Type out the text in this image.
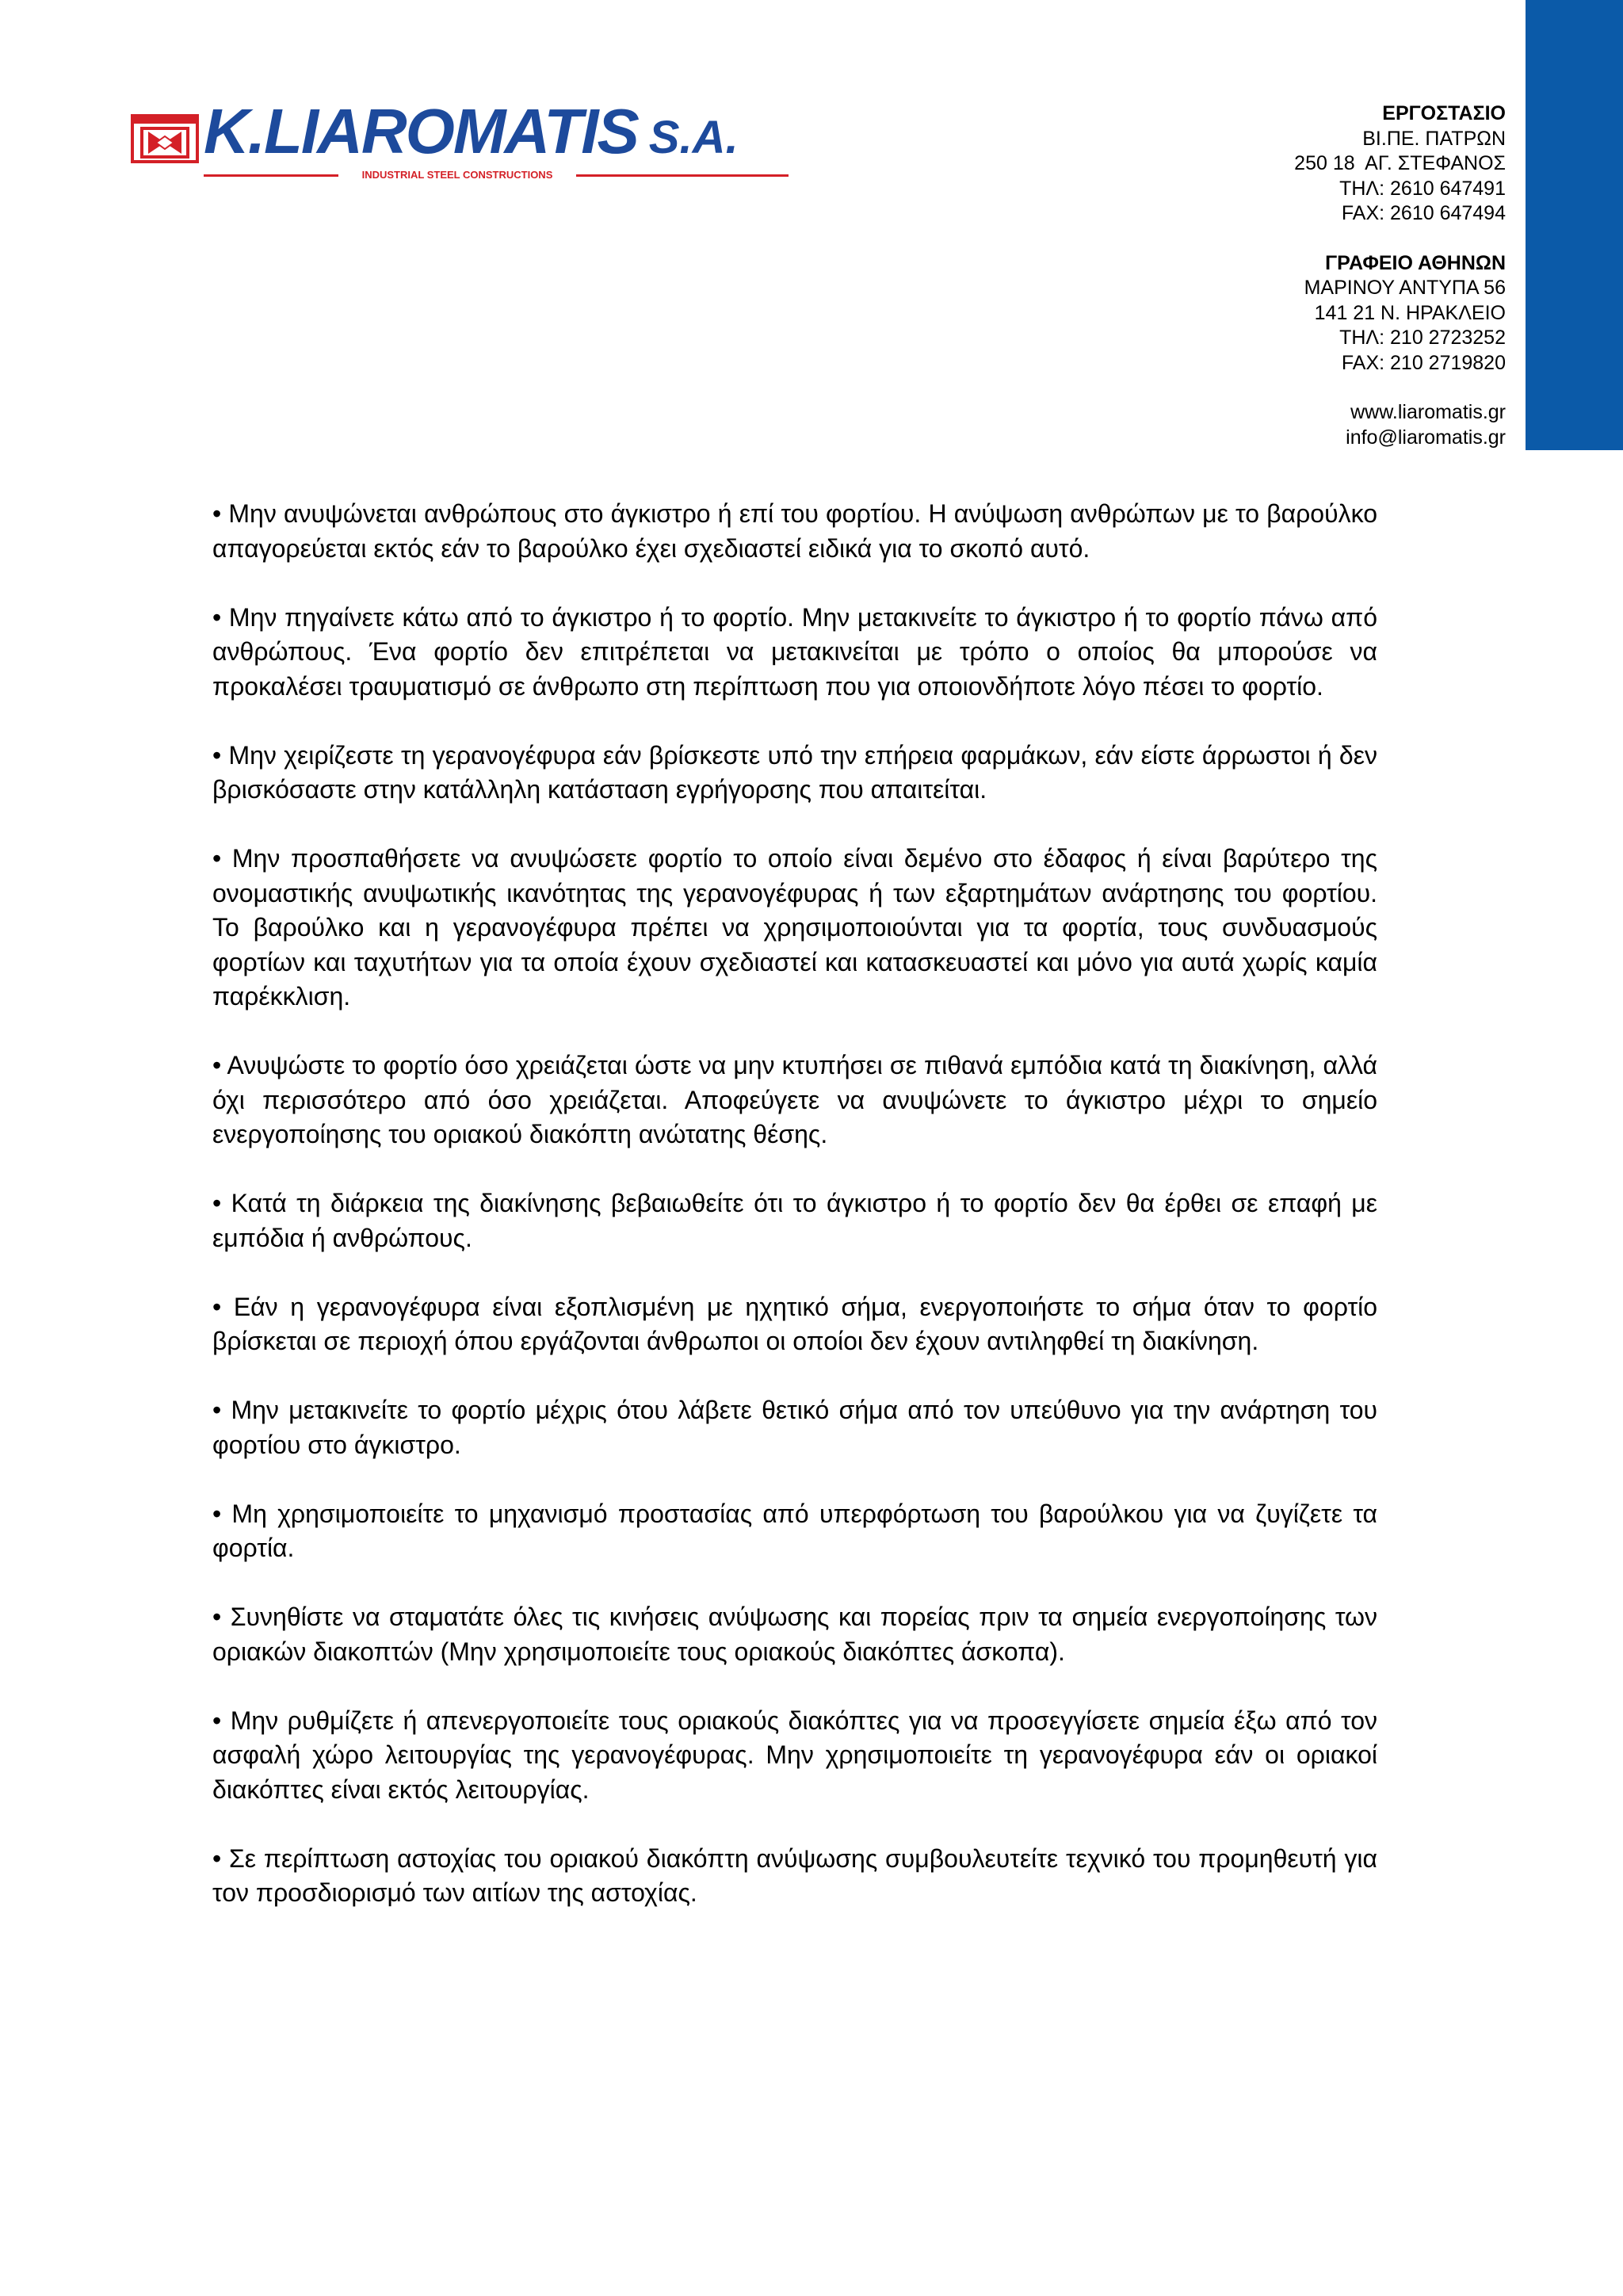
K.LIAROMATIS S.A.
INDUSTRIAL STEEL CONSTRUCTIONS
ΕΡΓΟΣΤΑΣΙΟ
ΒΙ.ΠΕ. ΠΑΤΡΩΝ
250 18  ΑΓ. ΣΤΕΦΑΝΟΣ
ΤΗΛ: 2610 647491
FAX: 2610 647494
ΓΡΑΦΕΙΟ ΑΘΗΝΩΝ
ΜΑΡΙΝΟΥ ΑΝΤΥΠΑ 56
141 21 Ν. ΗΡΑΚΛΕΙΟ
ΤΗΛ: 210 2723252
FAX: 210 2719820
www.liaromatis.gr
info@liaromatis.gr

• Μην ανυψώνεται ανθρώπους στο άγκιστρο ή επί του φορτίου. Η ανύψωση ανθρώπων με το βαρούλκο απαγορεύεται εκτός εάν το βαρούλκο έχει σχεδιαστεί ειδικά για το σκοπό αυτό.

• Μην πηγαίνετε κάτω από το άγκιστρο ή το φορτίο. Μην μετακινείτε το άγκιστρο ή το φορτίο πάνω από ανθρώπους. Ένα φορτίο δεν επιτρέπεται να μετακινείται με τρόπο ο οποίος θα μπορούσε να προκαλέσει τραυματισμό σε άνθρωπο στη περίπτωση που για οποιονδήποτε λόγο πέσει το φορτίο.

• Μην χειρίζεστε τη γερανογέφυρα εάν βρίσκεστε υπό την επήρεια φαρμάκων, εάν είστε άρρωστοι ή δεν βρισκόσαστε στην κατάλληλη κατάσταση εγρήγορσης που απαιτείται.

• Μην προσπαθήσετε να ανυψώσετε φορτίο το οποίο είναι δεμένο στο έδαφος ή είναι βαρύτερο της ονομαστικής ανυψωτικής ικανότητας της γερανογέφυρας ή των εξαρτημάτων ανάρτησης του φορτίου. Το βαρούλκο και η γερανογέφυρα πρέπει να χρησιμοποιούνται για τα φορτία, τους συνδυασμούς φορτίων και ταχυτήτων για τα οποία έχουν σχεδιαστεί και κατασκευαστεί και μόνο για αυτά χωρίς καμία παρέκκλιση.

• Ανυψώστε το φορτίο όσο χρειάζεται ώστε να μην κτυπήσει σε πιθανά εμπόδια κατά τη διακίνηση, αλλά όχι περισσότερο από όσο χρειάζεται. Αποφεύγετε να ανυψώνετε το άγκιστρο μέχρι το σημείο ενεργοποίησης του οριακού διακόπτη ανώτατης θέσης.

• Κατά τη διάρκεια της διακίνησης βεβαιωθείτε ότι το άγκιστρο ή το φορτίο δεν θα έρθει σε επαφή με εμπόδια ή ανθρώπους.

• Εάν η γερανογέφυρα είναι εξοπλισμένη με ηχητικό σήμα, ενεργοποιήστε το σήμα όταν το φορτίο βρίσκεται σε περιοχή όπου εργάζονται άνθρωποι οι οποίοι δεν έχουν αντιληφθεί τη διακίνηση.

• Μην μετακινείτε το φορτίο μέχρις ότου λάβετε θετικό σήμα από τον υπεύθυνο για την ανάρτηση του φορτίου στο άγκιστρο.

• Μη χρησιμοποιείτε το μηχανισμό προστασίας από υπερφόρτωση του βαρούλκου για να ζυγίζετε τα φορτία.

• Συνηθίστε να σταματάτε όλες τις κινήσεις ανύψωσης και πορείας πριν τα σημεία ενεργοποίησης των οριακών διακοπτών (Μην χρησιμοποιείτε τους οριακούς διακόπτες άσκοπα).

• Μην ρυθμίζετε ή απενεργοποιείτε τους οριακούς διακόπτες για να προσεγγίσετε σημεία έξω από τον ασφαλή χώρο λειτουργίας της γερανογέφυρας. Μην χρησιμοποιείτε τη γερανογέφυρα εάν οι οριακοί διακόπτες είναι εκτός λειτουργίας.

• Σε περίπτωση αστοχίας του οριακού διακόπτη ανύψωσης συμβουλευτείτε τεχνικό του προμηθευτή για τον προσδιορισμό των αιτίων της αστοχίας.
